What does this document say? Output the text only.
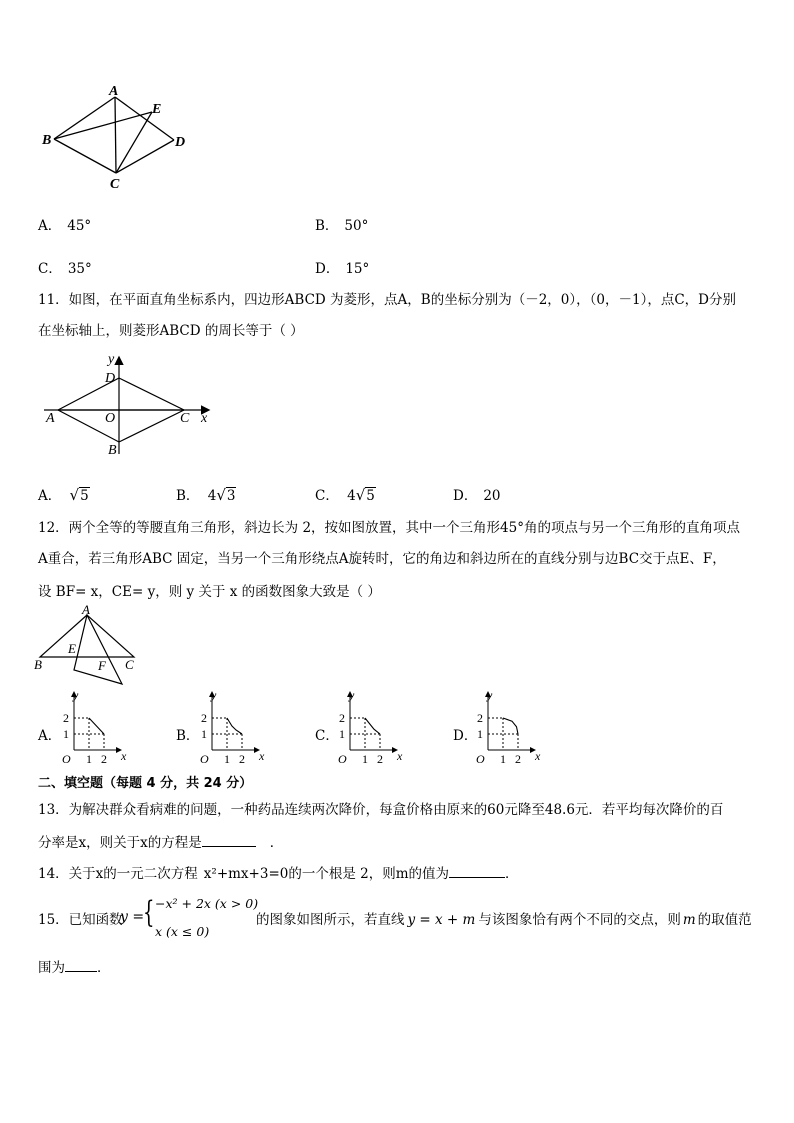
A
B
C
D
E
A． 45°	B． 50°
C． 35°	D． 15°
11．如图，在平面直角坐标系内，四边形ABCD 为菱形，点A，B的坐标分别为（－2，0），（0，－1），点C，D分别
在坐标轴上，则菱形ABCD 的周长等于（ ）
y
x
A
B
C
D
O
A． √5	B． 4√3	C． 4√5	D． 20
12．两个全等的等腰直角三角形，斜边长为 2，按如图放置，其中一个三角形45°角的项点与另一个三角形的直角项点
A重合，若三角形ABC 固定，当另一个三角形绕点A旋转时，它的角边和斜边所在的直线分别与边BC交于点E、F，
设 BF= x，CE= y，则 y 关于 x 的函数图象大致是（ ）
A
B	C
E
F
A．	B．	C．	D．
2
1
1 2
O
y
x
2
1
1 2
O
y
x
2
1
1 2
O
y
x
2
1
1 2
O
y
x
二、填空题（每题 4 分，共 24 分）
13．为解决群众看病难的问题，一种药品连续两次降价，每盒价格由原来的60元降至48.6元．若平均每次降价的百
分率是x，则关于x的方程是	．
14．关于x的一元二次方程 x²+mx+3=0的一个根是 2，则m的值为	．
15．已知函数
y =
{ −x² + 2x (x > 0)
x (x ≤ 0)
的图象如图所示，若直线 y = x + m 与该图象恰有两个不同的交点，则 m 的取值范
围为 ．
